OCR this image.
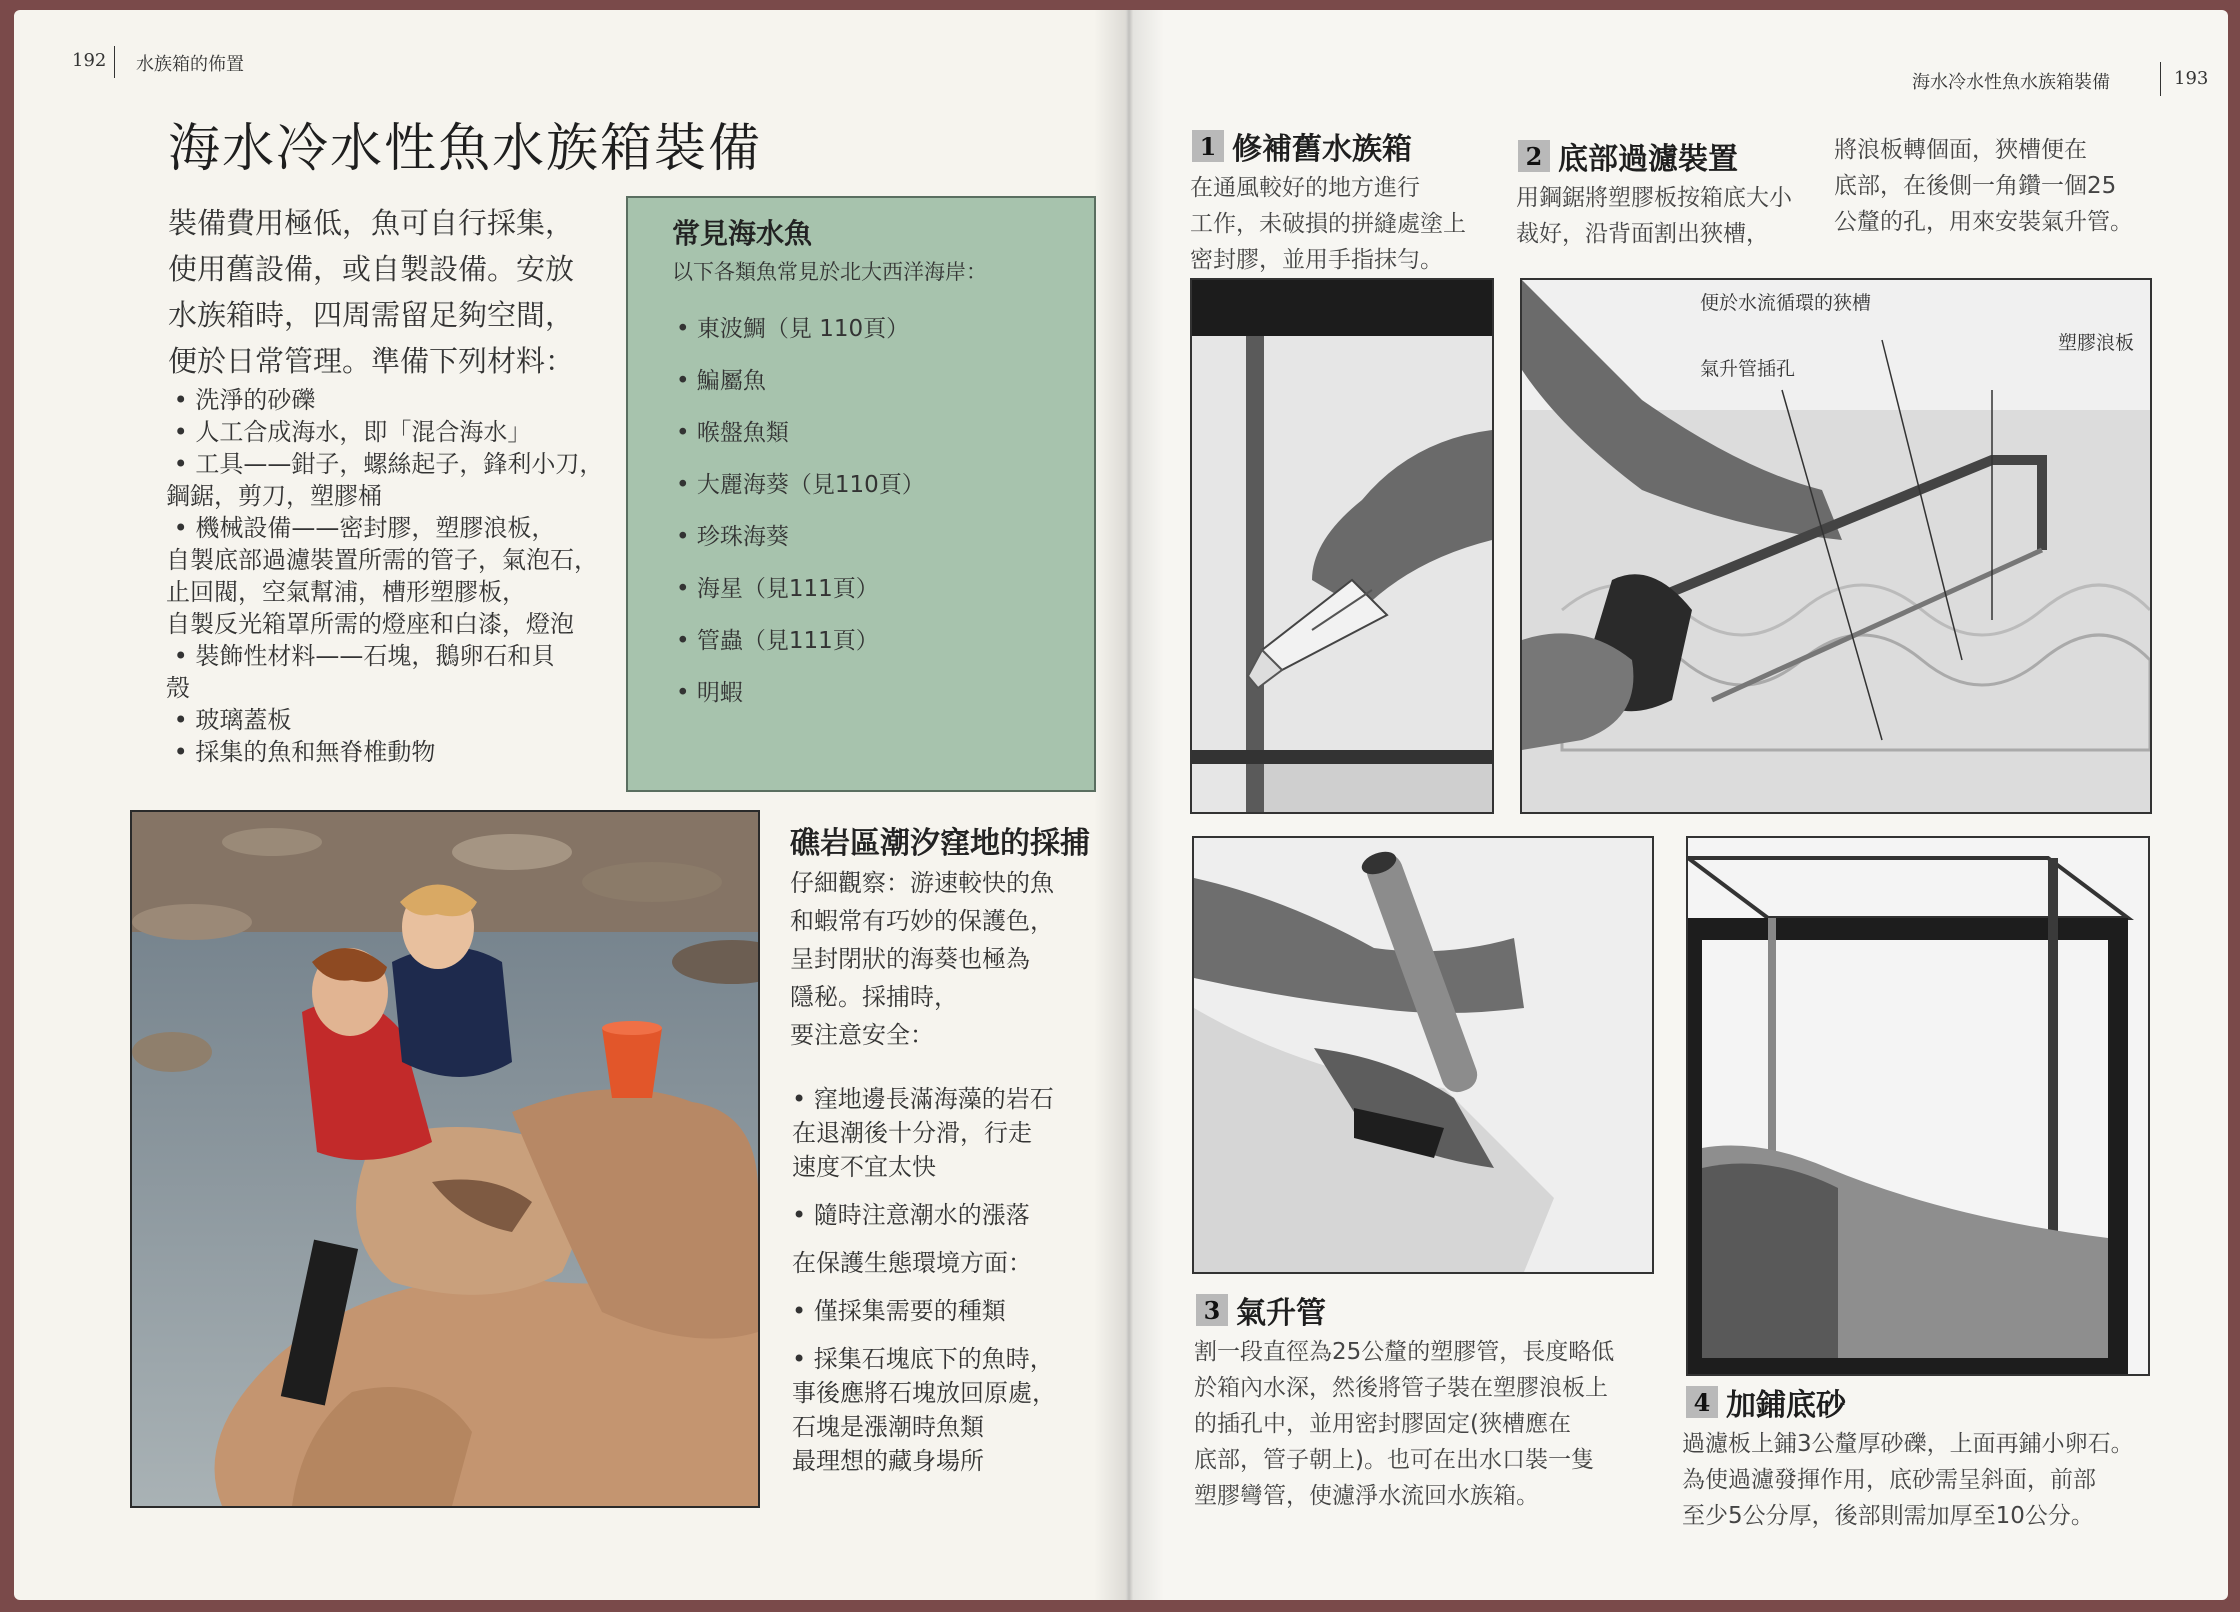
192 水族箱的佈置
海水冷水性魚水族箱裝備
裝備費用極低，魚可自行採集，
使用舊設備，或自製設備。安放
水族箱時，四周需留足夠空間，
便於日常管理。準備下列材料：
• 洗淨的砂礫
• 人工合成海水，即「混合海水」
• 工具——鉗子，螺絲起子，鋒利小刀，
鋼鋸，剪刀，塑膠桶
• 機械設備——密封膠，塑膠浪板，
自製底部過濾裝置所需的管子，氣泡石，
止回閥，空氣幫浦，槽形塑膠板，
自製反光箱罩所需的燈座和白漆，燈泡
• 裝飾性材料——石塊，鵝卵石和貝
殼
• 玻璃蓋板
• 採集的魚和無脊椎動物
常見海水魚
以下各類魚常見於北大西洋海岸：
• 東波鯛（見 110頁）
• 鯿屬魚
• 喉盤魚類
• 大麗海葵（見110頁）
• 珍珠海葵
• 海星（見111頁）
• 管蟲（見111頁）
• 明蝦
礁岩區潮汐窪地的採捕
仔細觀察：游速較快的魚
和蝦常有巧妙的保護色，
呈封閉狀的海葵也極為
隱秘。採捕時，
要注意安全：
• 窪地邊長滿海藻的岩石
在退潮後十分滑，行走
速度不宜太快
• 隨時注意潮水的漲落
在保護生態環境方面：
• 僅採集需要的種類
• 採集石塊底下的魚時，
事後應將石塊放回原處，
石塊是漲潮時魚類
最理想的藏身場所
海水冷水性魚水族箱裝備	193
1 修補舊水族箱
在通風較好的地方進行
工作，未破損的拼縫處塗上
密封膠，並用手指抹勻。
2 底部過濾裝置
用鋼鋸將塑膠板按箱底大小
裁好，沿背面割出狹槽，
將浪板轉個面，狹槽便在
底部，在後側一角鑽一個25
公釐的孔，用來安裝氣升管。
便於水流循環的狹槽
氣升管插孔
塑膠浪板
3 氣升管
割一段直徑為25公釐的塑膠管，長度略低
於箱內水深，然後將管子裝在塑膠浪板上
的插孔中，並用密封膠固定(狹槽應在
底部，管子朝上)。也可在出水口裝一隻
塑膠彎管，使濾淨水流回水族箱。
4 加鋪底砂
過濾板上鋪3公釐厚砂礫，上面再鋪小卵石。
為使過濾發揮作用，底砂需呈斜面，前部
至少5公分厚，後部則需加厚至10公分。
